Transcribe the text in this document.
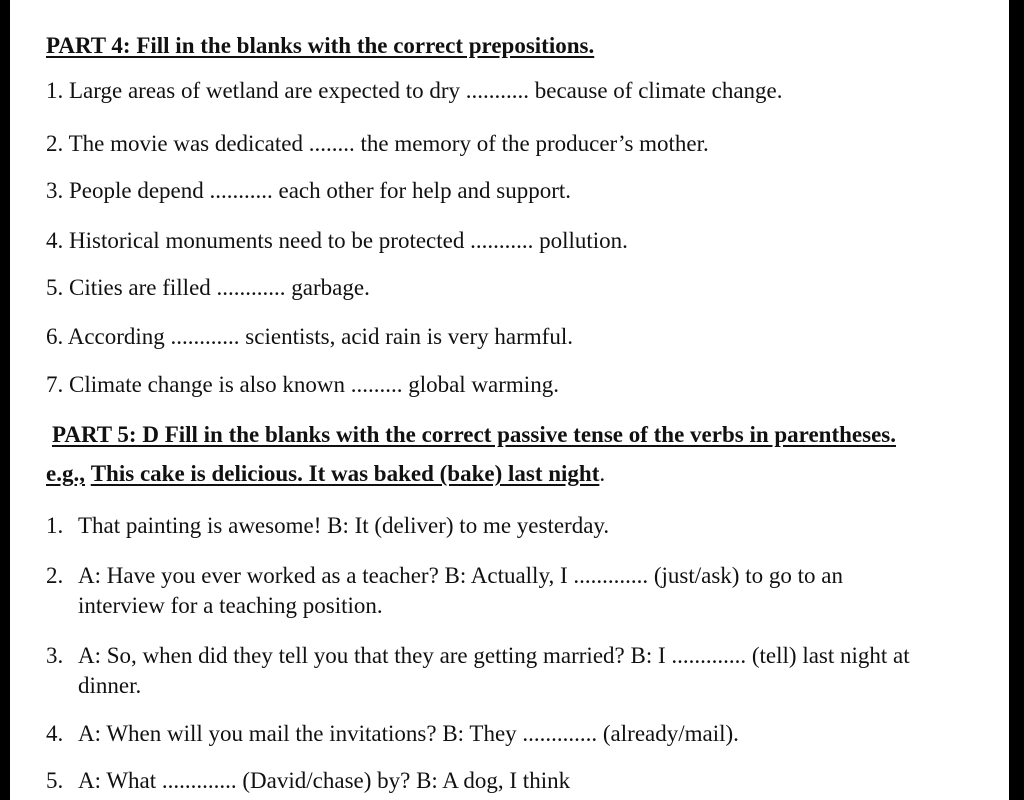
PART 4: Fill in the blanks with the correct prepositions.
1. Large areas of wetland are expected to dry ........... because of climate change.
2. The movie was dedicated ........ the memory of the producer’s mother.
3. People depend ........... each other for help and support.
4. Historical monuments need to be protected ........... pollution.
5. Cities are filled ............ garbage.
6. According ............ scientists, acid rain is very harmful.
7. Climate change is also known ......... global warming.
PART 5: D Fill in the blanks with the correct passive tense of the verbs in parentheses.
e.g., This cake is delicious. It was baked (bake) last night.
1. That painting is awesome! B: It (deliver) to me yesterday.
2. A: Have you ever worked as a teacher? B: Actually, I ............. (just/ask) to go to an
interview for a teaching position.
3. A: So, when did they tell you that they are getting married? B: I ............. (tell) last night at
dinner.
4. A: When will you mail the invitations? B: They ............. (already/mail).
5. A: What ............. (David/chase) by? B: A dog, I think
